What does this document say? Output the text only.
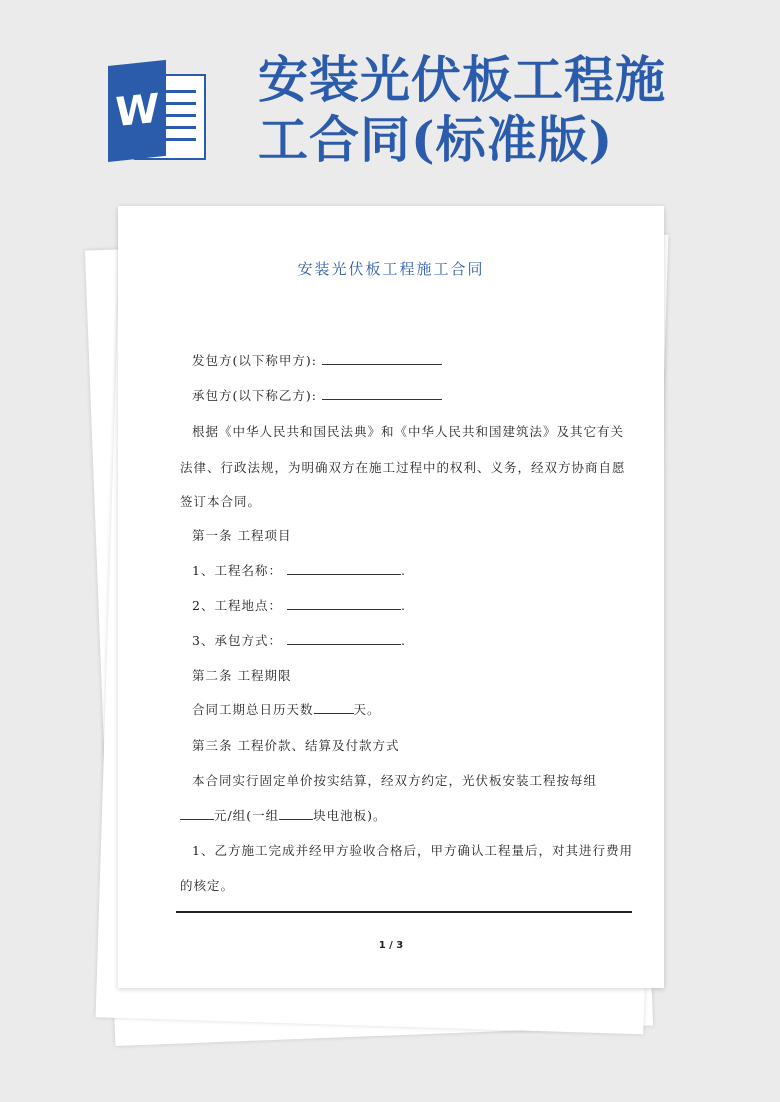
W
安装光伏板工程施
工合同(标准版)
安装光伏板工程施工合同
发包方(以下称甲方):
承包方(以下称乙方):
根据《中华人民共和国民法典》和《中华人民共和国建筑法》及其它有关
法律、行政法规，为明确双方在施工过程中的权利、义务，经双方协商自愿
签订本合同。
第一条 工程项目
1、工程名称：	.
2、工程地点：	.
3、承包方式：	.
第二条 工程期限
合同工期总日历天数	天。
第三条 工程价款、结算及付款方式
本合同实行固定单价按实结算，经双方约定，光伏板安装工程按每组
元/组(一组	块电池板)。
1、乙方施工完成并经甲方验收合格后，甲方确认工程量后，对其进行费用
的核定。
1 / 3
